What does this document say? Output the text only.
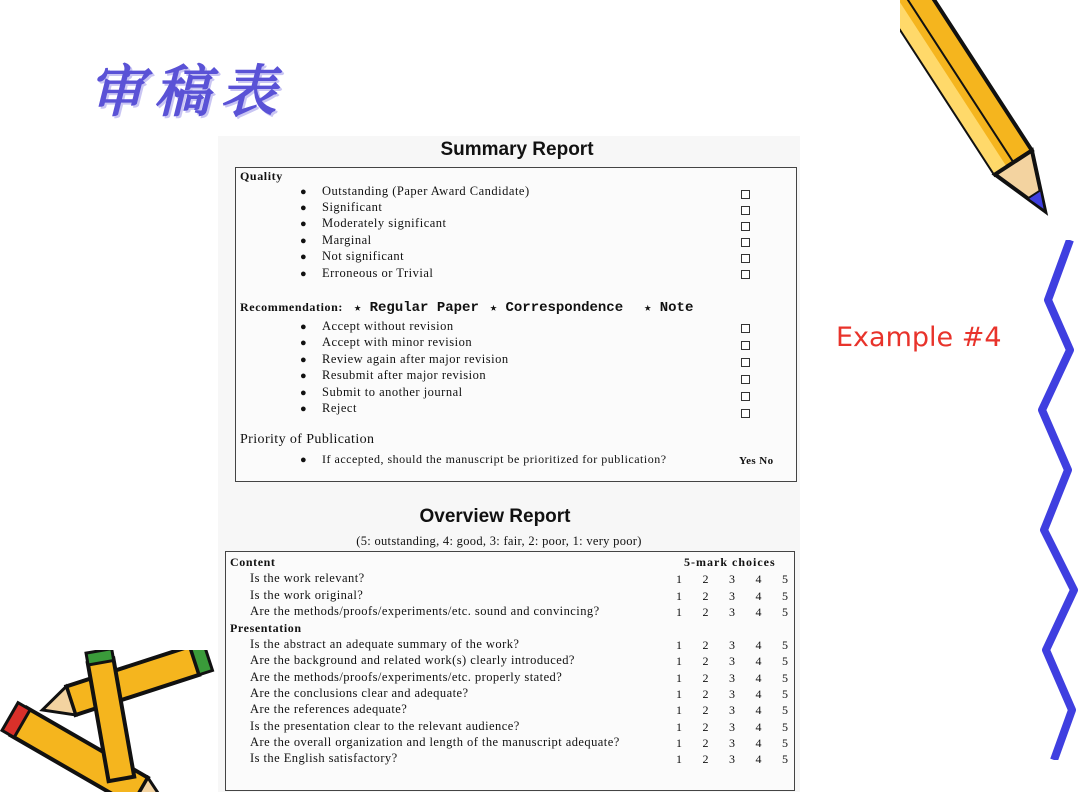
审稿表
Example #4
Summary Report
Quality
● Outstanding (Paper Award Candidate)
● Significant
● Moderately significant
● Marginal
● Not significant
● Erroneous or Trivial
Recommendation: ★ Regular Paper ★ Correspondence ★ Note
● Accept without revision
● Accept with minor revision
● Review again after major revision
● Resubmit after major revision
● Submit to another journal
● Reject
Priority of Publication
● If accepted, should the manuscript be prioritized for publication?	Yes No
Overview Report
(5: outstanding, 4: good, 3: fair, 2: poor, 1: very poor)
Content	5-mark choices
Is the work relevant?
Is the work original?
Are the methods/proofs/experiments/etc. sound and convincing?
Presentation
Is the abstract an adequate summary of the work?
Are the background and related work(s) clearly introduced?
Are the methods/proofs/experiments/etc. properly stated?
Are the conclusions clear and adequate?
Are the references adequate?
Is the presentation clear to the relevant audience?
Are the overall organization and length of the manuscript adequate?
Is the English satisfactory?
1 2 3 4 5
1 2 3 4 5
1 2 3 4 5
1 2 3 4 5
1 2 3 4 5
1 2 3 4 5
1 2 3 4 5
1 2 3 4 5
1 2 3 4 5
1 2 3 4 5
1 2 3 4 5
